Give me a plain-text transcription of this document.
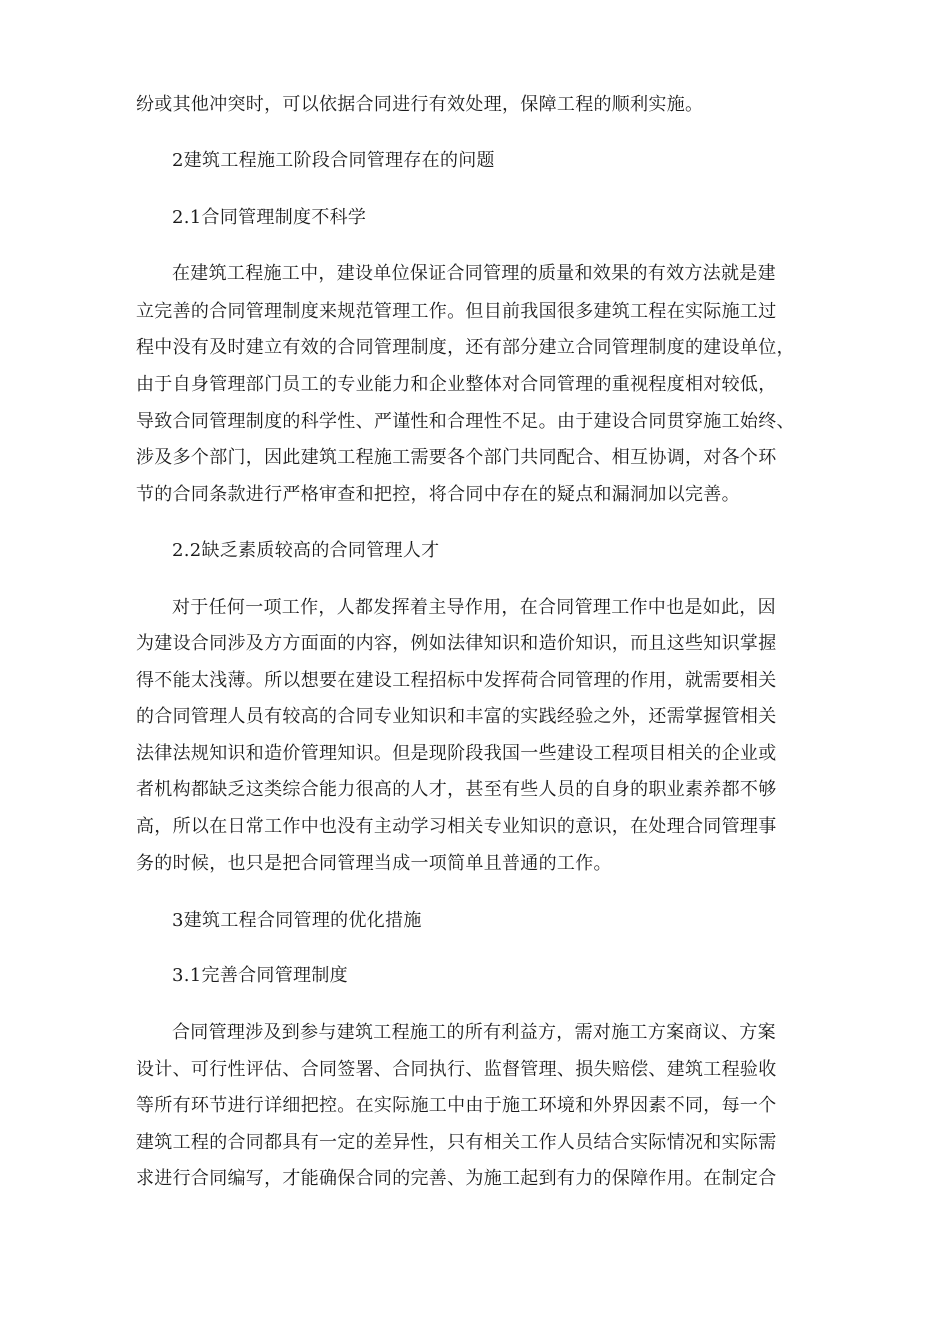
纷或其他冲突时，可以依据合同进行有效处理，保障工程的顺利实施。
2建筑工程施工阶段合同管理存在的问题
2.1合同管理制度不科学
在建筑工程施工中，建设单位保证合同管理的质量和效果的有效方法就是建
立完善的合同管理制度来规范管理工作。但目前我国很多建筑工程在实际施工过
程中没有及时建立有效的合同管理制度，还有部分建立合同管理制度的建设单位，
由于自身管理部门员工的专业能力和企业整体对合同管理的重视程度相对较低，
导致合同管理制度的科学性、严谨性和合理性不足。由于建设合同贯穿施工始终、
涉及多个部门，因此建筑工程施工需要各个部门共同配合、相互协调，对各个环
节的合同条款进行严格审查和把控，将合同中存在的疑点和漏洞加以完善。
2.2缺乏素质较高的合同管理人才
对于任何一项工作，人都发挥着主导作用，在合同管理工作中也是如此，因
为建设合同涉及方方面面的内容，例如法律知识和造价知识，而且这些知识掌握
得不能太浅薄。所以想要在建设工程招标中发挥荷合同管理的作用，就需要相关
的合同管理人员有较高的合同专业知识和丰富的实践经验之外，还需掌握管相关
法律法规知识和造价管理知识。但是现阶段我国一些建设工程项目相关的企业或
者机构都缺乏这类综合能力很高的人才，甚至有些人员的自身的职业素养都不够
高，所以在日常工作中也没有主动学习相关专业知识的意识，在处理合同管理事
务的时候，也只是把合同管理当成一项简单且普通的工作。
3建筑工程合同管理的优化措施
3.1完善合同管理制度
合同管理涉及到参与建筑工程施工的所有利益方，需对施工方案商议、方案
设计、可行性评估、合同签署、合同执行、监督管理、损失赔偿、建筑工程验收
等所有环节进行详细把控。在实际施工中由于施工环境和外界因素不同，每一个
建筑工程的合同都具有一定的差异性，只有相关工作人员结合实际情况和实际需
求进行合同编写，才能确保合同的完善、为施工起到有力的保障作用。在制定合
